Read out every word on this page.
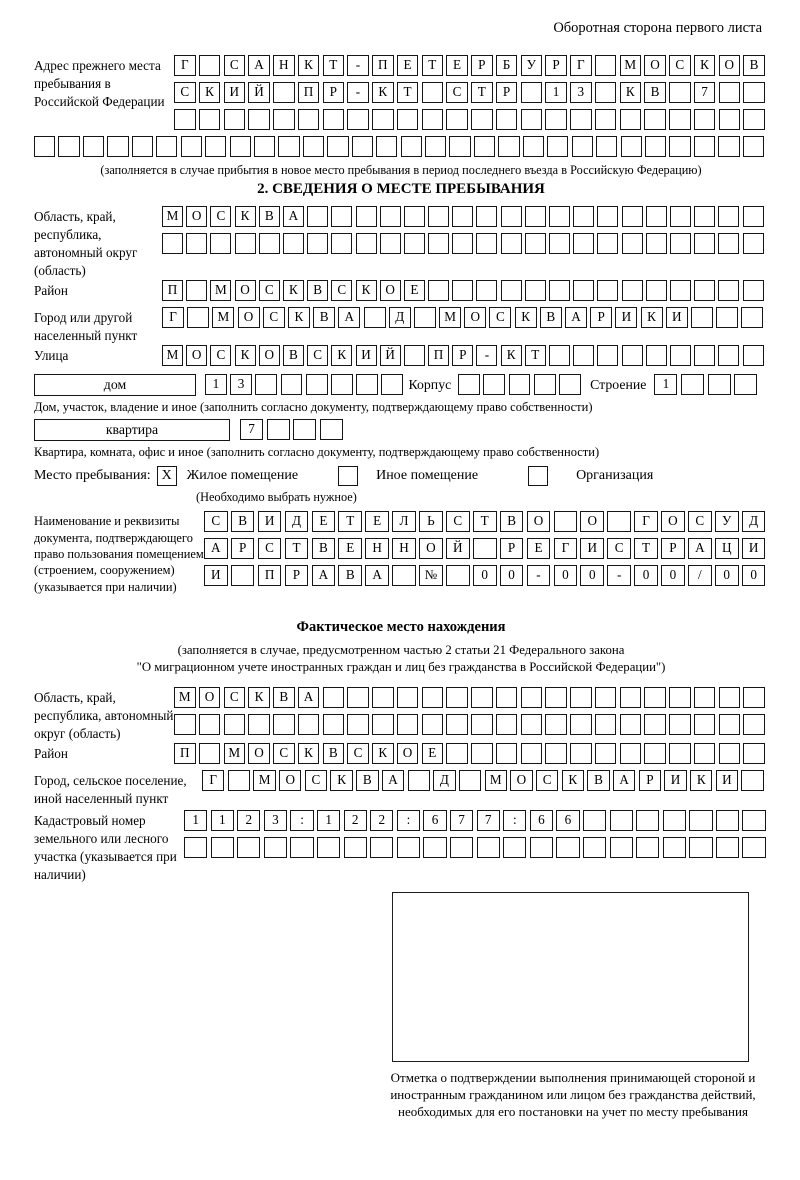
Оборотная сторона первого листа
Адрес прежнего места пребывания в Российской Федерации
Г	С А Н К Т - П Е Т Е Р Б У Р Г	М О С К О В
С К И Й	П Р - К Т	С Т Р	1 3	К В	7
(заполняется в случае прибытия в новое место пребывания в период последнего въезда в Российскую Федерацию)
2. СВЕДЕНИЯ О МЕСТЕ ПРЕБЫВАНИЯ
Область, край, республика, автономный округ (область)
М О С К В А
Район	П	М О С К В С К О Е
Город или другой населенный пункт
Г	М О С К В А	Д	М О С К В А Р И К И
Улица	М О С К О В С К И Й	П Р - К Т
дом	1 3	Корпус	Строение	1
Дом, участок, владение и иное (заполнить согласно документу, подтверждающему право собственности)
квартира	7
Квартира, комната, офис и иное (заполнить согласно документу, подтверждающему право собственности)
Место пребывания: X	Жилое помещение	Иное помещение	Организация
(Необходимо выбрать нужное)
Наименование и реквизиты документа, подтверждающего право пользования помещением (строением, сооружением) (указывается при наличии)
С В И Д Е Т Е Л Ь С Т В О	О	Г О С У Д
А Р С Т В Е Н Н О Й	Р Е Г И С Т Р А Ц И
И	П Р А В А	№	0 0 - 0 0 - 0 0 / 0 0
Фактическое место нахождения
(заполняется в случае, предусмотренном частью 2 статьи 21 Федерального закона
"О миграционном учете иностранных граждан и лиц без гражданства в Российской Федерации")
Область, край, республика, автономный округ (область)
М О С К В А
Район	П	М О С К В С К О Е
Город, сельское поселение, иной населенный пункт
Г	М О С К В А	Д	М О С К В А Р И К И
Кадастровый номер земельного или лесного участка (указывается при наличии)
1 1 2 3 : 1 2 2 : 6 7 7 : 6 6
Отметка о подтверждении выполнения принимающей стороной и иностранным гражданином или лицом без гражданства действий, необходимых для его постановки на учет по месту пребывания
